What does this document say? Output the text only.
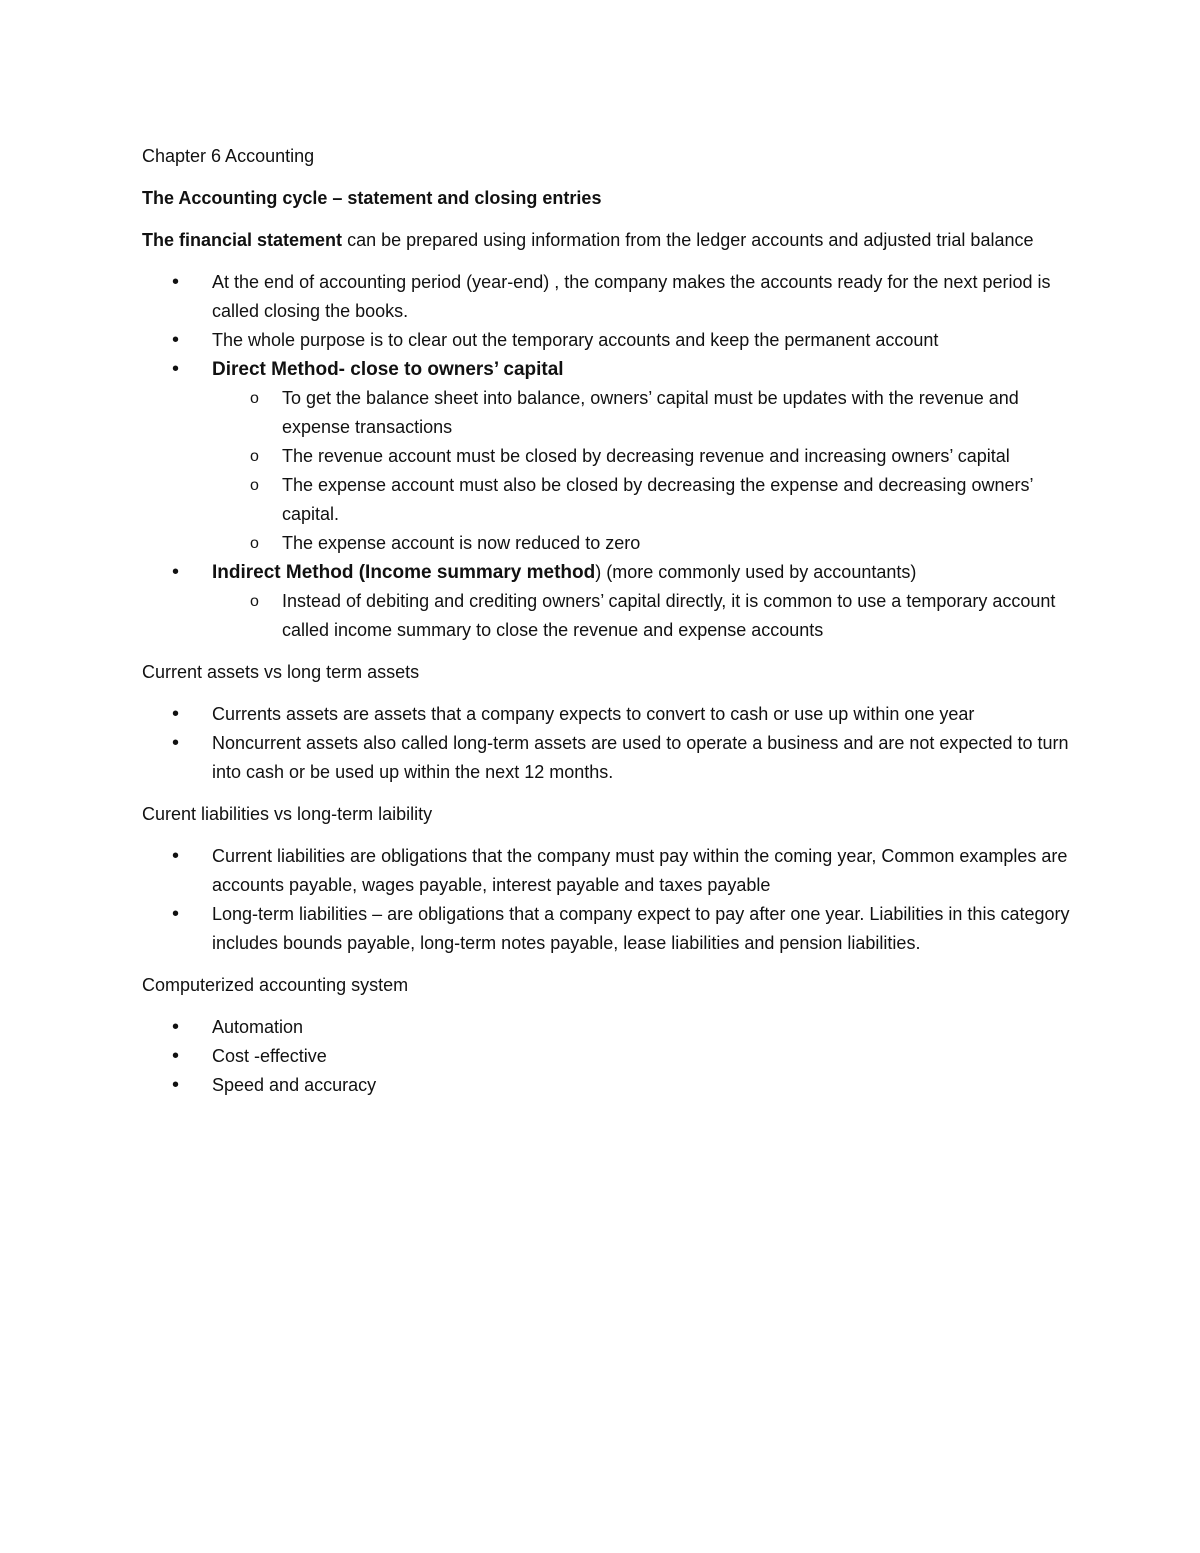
Chapter 6 Accounting

The Accounting cycle – statement and closing entries

The financial statement can be prepared using information from the ledger accounts and adjusted trial balance

• At the end of accounting period (year-end) , the company makes the accounts ready for the next period is called closing the books.
• The whole purpose is to clear out the temporary accounts and keep the permanent account
• Direct Method- close to owners’ capital
o To get the balance sheet into balance, owners’ capital must be updates with the revenue and expense transactions
o The revenue account must be closed by decreasing revenue and increasing owners’ capital
o The expense account must also be closed by decreasing the expense and decreasing owners’ capital.
o The expense account is now reduced to zero
• Indirect Method (Income summary method) (more commonly used by accountants)
o Instead of debiting and crediting owners’ capital directly, it is common to use a temporary account called income summary to close the revenue and expense accounts

Current assets vs long term assets

• Currents assets are assets that a company expects to convert to cash or use up within one year
• Noncurrent assets also called long-term assets are used to operate a business and are not expected to turn into cash or be used up within the next 12 months.

Curent liabilities vs long-term laibility

• Current liabilities are obligations that the company must pay within the coming year, Common examples are accounts payable, wages payable, interest payable and taxes payable
• Long-term liabilities – are obligations that a company expect to pay after one year. Liabilities in this category includes bounds payable, long-term notes payable, lease liabilities and pension liabilities.

Computerized accounting system

• Automation
• Cost -effective
• Speed and accuracy
